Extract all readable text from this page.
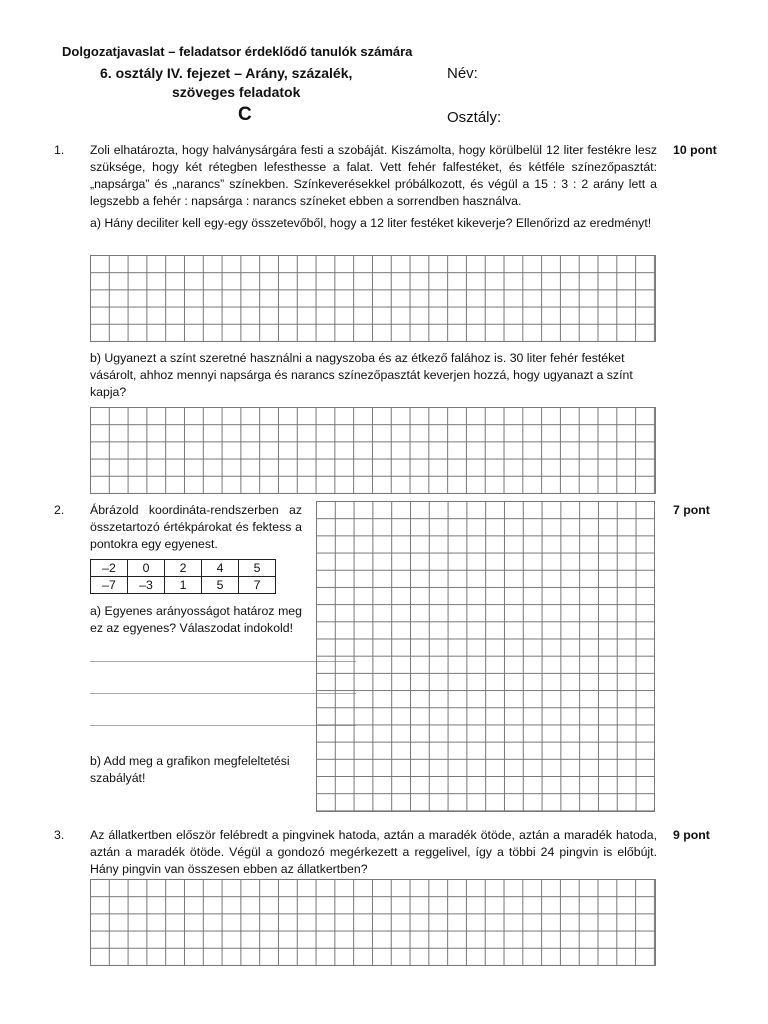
Dolgozatjavaslat – feladatsor érdeklődő tanulók számára
6. osztály IV. fejezet – Arány, százalék,
szöveges feladatok
C
Név:
Osztály:
1.	10 pont
Zoli elhatározta, hogy halványsárgára festi a szobáját. Kiszámolta, hogy körülbelül 12 liter festékre lesz szüksége, hogy két rétegben lefesthesse a falat. Vett fehér falfestéket, és kétféle színezőpasztát: „napsárga” és „narancs” színekben. Színkeverésekkel próbálkozott, és végül a 15 : 3 : 2 arány lett a legszebb a fehér : napsárga : narancs színeket ebben a sorrendben használva.
a) Hány deciliter kell egy-egy összetevőből, hogy a 12 liter festéket kikeverje? Ellenőrizd az eredményt!
b) Ugyanezt a színt szeretné használni a nagyszoba és az étkező falához is. 30 liter fehér festéket vásárolt, ahhoz mennyi napsárga és narancs színezőpasztát keverjen hozzá, hogy ugyanazt a színt kapja?
2.	7 pont
Ábrázold koordináta-rendszerben az összetartozó értékpárokat és fektess a pontokra egy egyenest.
–2	0	2	4	5
–7	–3	1	5	7
a) Egyenes arányosságot határoz meg ez az egyenes? Válaszodat indokold!
b) Add meg a grafikon megfeleltetési szabályát!
3.	9 pont
Az állatkertben először felébredt a pingvinek hatoda, aztán a maradék ötöde, aztán a maradék hatoda, aztán a maradék ötöde. Végül a gondozó megérkezett a reggelivel, így a többi 24 pingvin is előbújt. Hány pingvin van összesen ebben az állatkertben?
